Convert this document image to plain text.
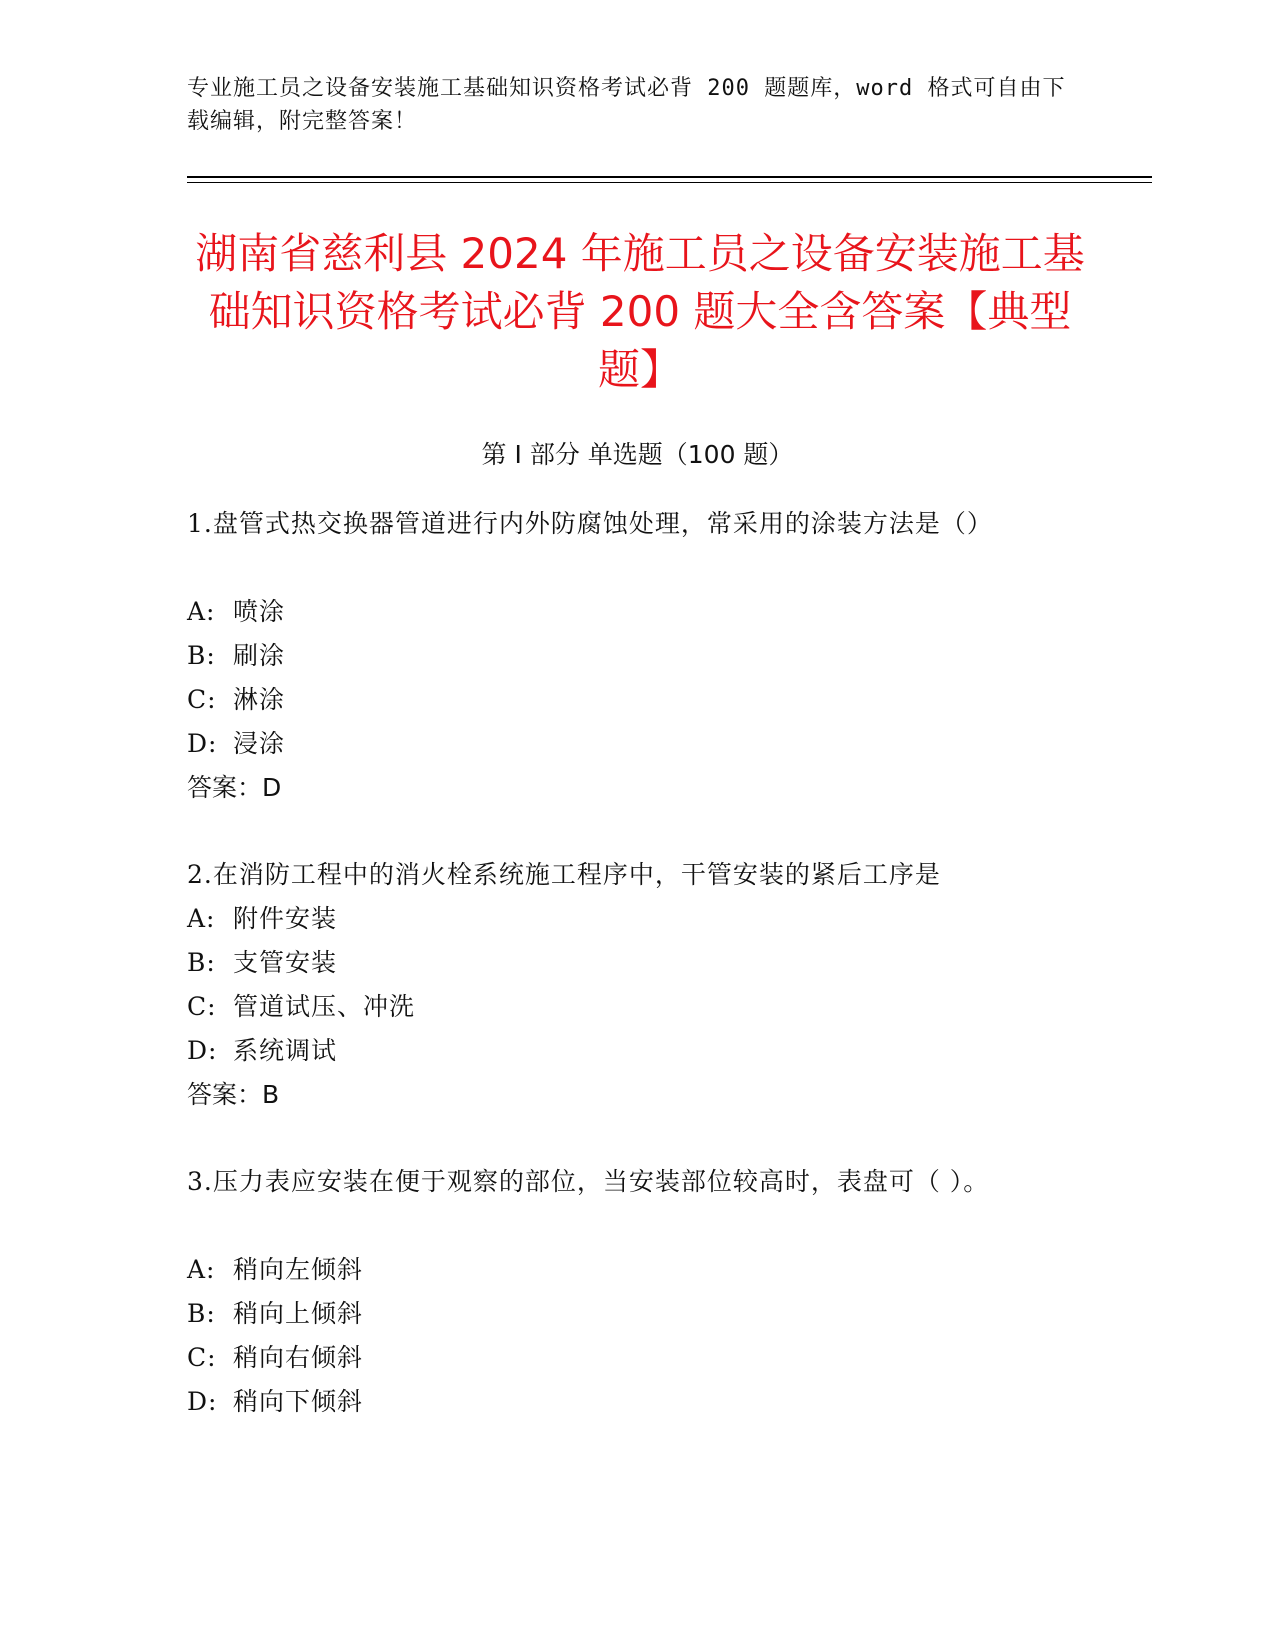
专业施工员之设备安装施工基础知识资格考试必背 200 题题库，word 格式可自由下载编辑，附完整答案！
湖南省慈利县 2024 年施工员之设备安装施工基础知识资格考试必背 200 题大全含答案【典型题】
第 I 部分 单选题（100 题）
1.盘管式热交换器管道进行内外防腐蚀处理，常采用的涂装方法是（）
A: 喷涂
B: 刷涂
C: 淋涂
D: 浸涂
答案：D
2.在消防工程中的消火栓系统施工程序中，干管安装的紧后工序是
A: 附件安装
B: 支管安装
C: 管道试压、冲洗
D: 系统调试
答案：B
3.压力表应安装在便于观察的部位，当安装部位较高时，表盘可（ ）。
A: 稍向左倾斜
B: 稍向上倾斜
C: 稍向右倾斜
D: 稍向下倾斜
